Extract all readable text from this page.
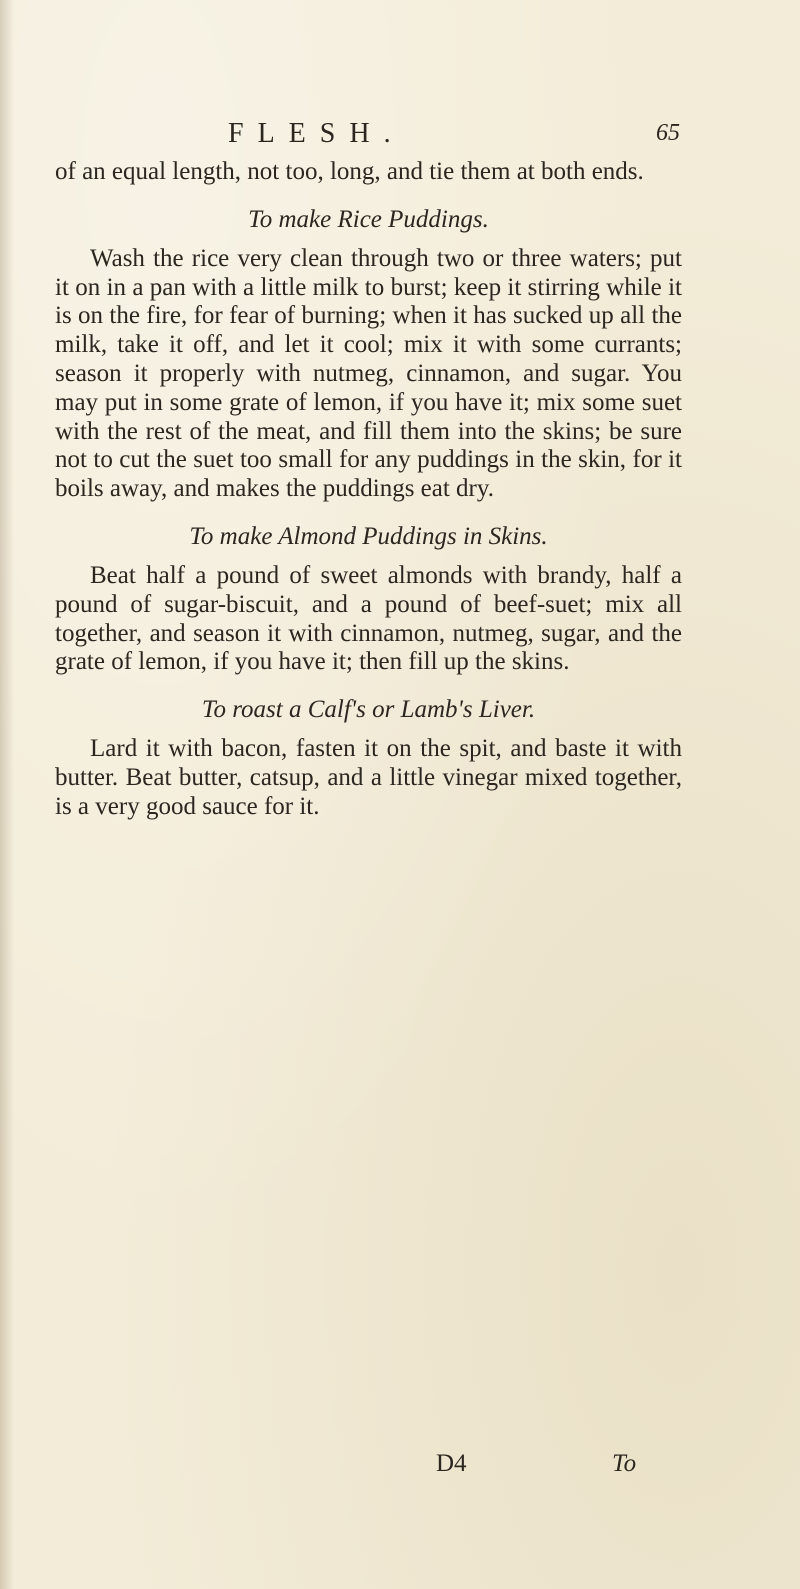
FLESH.	65

of an equal length, not too, long, and tie them at both ends.

To make Rice Puddings.

Wash the rice very clean through two or three waters; put it on in a pan with a little milk to burst; keep it stirring while it is on the fire, for fear of burning; when it has sucked up all the milk, take it off, and let it cool; mix it with some currants; season it properly with nutmeg, cinnamon, and sugar. You may put in some grate of lemon, if you have it; mix some suet with the rest of the meat, and fill them into the skins; be sure not to cut the suet too small for any puddings in the skin, for it boils away, and makes the puddings eat dry.

To make Almond Puddings in Skins.

Beat half a pound of sweet almonds with brandy, half a pound of sugar-biscuit, and a pound of beef-suet; mix all together, and season it with cinnamon, nutmeg, sugar, and the grate of lemon, if you have it; then fill up the skins.

To roast a Calf's or Lamb's Liver.

Lard it with bacon, fasten it on the spit, and baste it with butter. Beat butter, catsup, and a little vinegar mixed together, is a very good sauce for it.

D4	To
